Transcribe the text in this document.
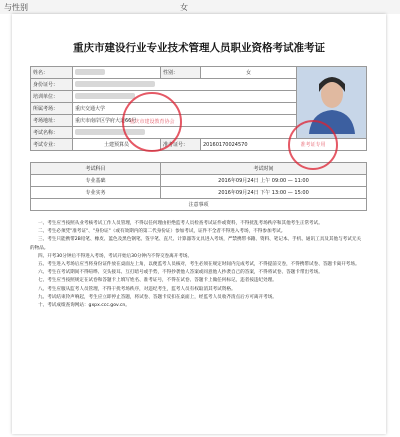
与性别	女
重庆市建设行业专业技术管理人员职业资格考试准考证
姓名：		性别：	女	
身份证号：				
培训单位：				
所属考场：	重庆交通大学			
考场地址：	重庆市南岸区学府大道66号			
考试名称：				
考试专业：	土建预算员	准考证号：	20160170024570	
考试科目	考试时间
专业基础	2016年09月24日 上午 09:00 — 11:00
专业实务	2016年09月24日 下午 13:00 — 15:00
注意事项	
重庆市建设教育协会
准考证专用

一、考生应当按照从业考核考试工作人员管理，不得以任何理由拒绝监考人员检查考试证件或资料，不得扰乱考场秩序和其他考生正常考试。

二、考生必须凭"准考证"、"身份证"（或有效期内的第二代身份证）参加考试，证件不全者不得进入考场，不得参加考试。

三、考生只能携带2B铅笔、橡皮、蓝色及黑色钢笔、签字笔、直尺、计算器等文具进入考场，严禁携带书籍、资料、笔记本、手机、通讯工具及其他与考试无关的物品。

四、开考30分钟后不得进入考场，考试开始后30分钟内不得交卷离开考场。

五、考生进入考场后应当将身份证件放在桌面左上角，以便监考人员核对，考生必须在规定时间内完成考试，不得提前交卷，不得携带试卷、答题卡离开考场。

六、考生在考试期间不得喧哗、交头接耳、互打暗号或手势，不得抄袭他人答案或同意他人抄袭自己的答案，不得将试卷、答题卡带出考场。

七、考生应当按照规定在试卷和答题卡上填写姓名、准考证号，不得在试卷、答题卡上做任何标记，违者按违纪处理。

八、考生应服从监考人员管理，不得干扰考场秩序，对违纪考生，监考人员有权取消其考试资格。

九、考试结束铃声响起，考生应立即停止答题，将试卷、答题卡反扣在桌面上，经监考人员收齐清点后方可离开考场。

十、考试成绩查询网站：gxpx.ccc.gov.cn。
